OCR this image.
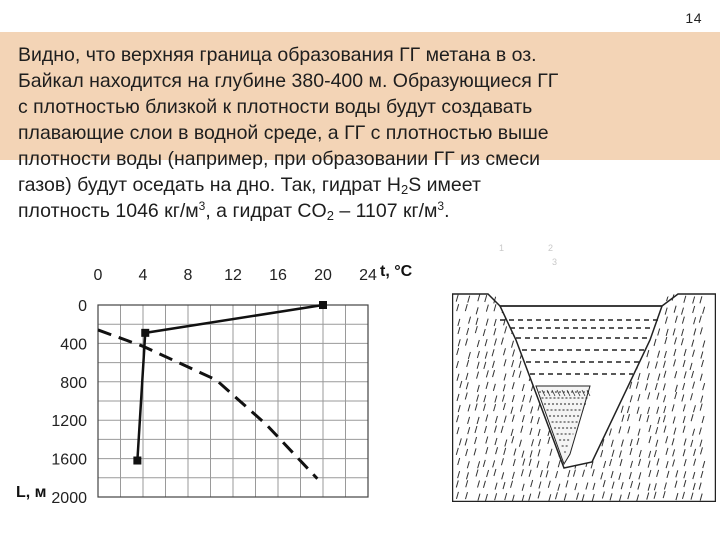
14

Видно, что верхняя граница образования ГГ метана в оз.

Байкал находится на глубине 380-400 м. Образующиеся ГГ

с плотностью близкой к плотности воды будут создавать

плавающие слои в водной среде, а ГГ с плотностью выше

плотности воды (например, при образовании ГГ из смеси

газов) будут оседать на дно. Так, гидрат $H_2S$ имеет

плотность 1046 $кг/м^3$, а гидрат $CO_2 - 1107$ $кг/м^3$.

0 4 8 12 16 20 24
0
400
800
1200
1600
2000
t, °C
L, м
1	2
3
